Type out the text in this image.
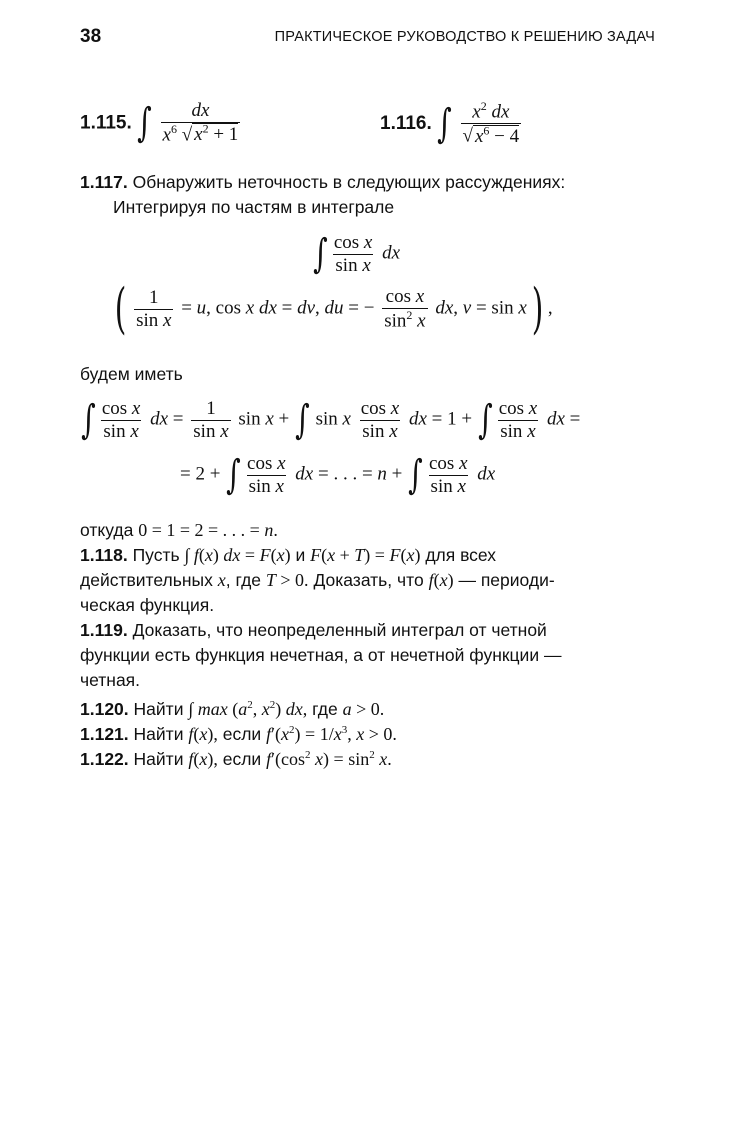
38	ПРАКТИЧЕСКОЕ РУКОВОДСТВО К РЕШЕНИЮ ЗАДАЧ
1.115. ∫ $\frac{dx}{x^6 √ x^2 + 1}$	1.116. ∫ $\frac{x^2 dx}{√ x^6 - 4}$
1.117. Обнаружить неточность в следующих рассуждениях:
Интегрируя по частям в интеграле
∫ $\frac{\text{cos x}}{\text{sin x}}$ dx
( $\frac{1}{\text{sin x}} = u$, cos x dx = dv, du = − $\frac{\text{cos x}}{\sin^2 x}$ dx, v = sin x) ,
будем иметь
∫ $\frac{\text{cos x}}{\text{sin x}}$ dx = $\frac{1}{\text{sin x}}$ sin x + ∫ sin x $\frac{\text{cos x}}{\text{sin x}}$ dx = 1 + ∫ $\frac{\text{cos x}}{\text{sin x}}$ dx =
= 2 + ∫ $\frac{\text{cos x}}{\text{sin x}}$ dx = . . . = n + ∫ $\frac{\text{cos x}}{\text{sin x}}$ dx
откуда 0 = 1 = 2 = . . . = n.
1.118. Пусть ∫ f(x) dx = F(x) и F(x + T) = F(x) для всех
действительных x, где T > 0. Доказать, что f(x) — периоди-
ческая функция.
1.119. Доказать, что неопределенный интеграл от четной
функции есть функция нечетная, а от нечетной функции —
четная.
1.120. Найти ∫ $\max (a^2$, $x^2$) dx, где a > 0.
1.121. Найти f(x), если $f'(x^2) = 1/x^3$, x > 0.
1.122. Найти f(x), если $f'(\cos^2$ $x) = \sin^2 x$.
